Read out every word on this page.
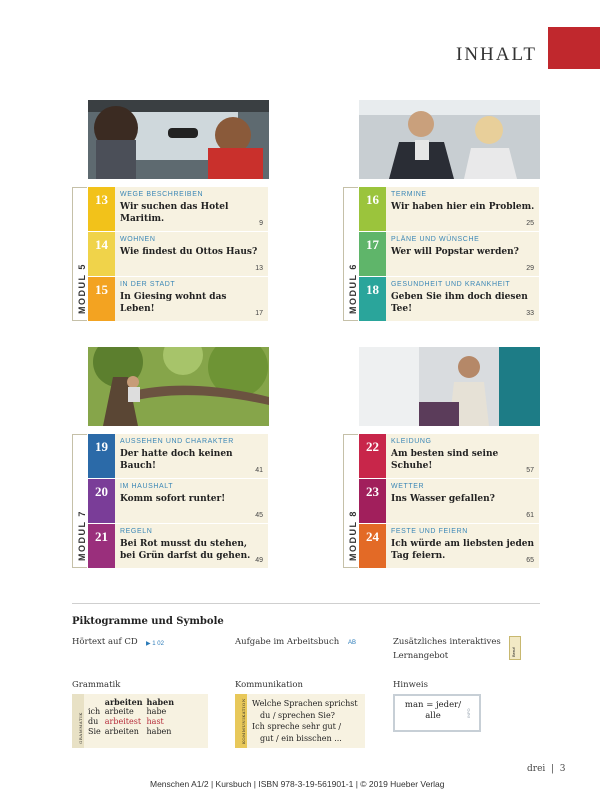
INHALT
MODUL 5
13	WEGE BESCHREIBEN
Wir suchen das Hotel Maritim.	9
14	WOHNEN
Wie findest du Ottos Haus?
13
15	IN DER STADT
In Giesing wohnt das Leben!	17	MODUL 6
16	TERMINE
Wir haben hier ein Problem.
25
17	PLÄNE UND WÜNSCHE
Wer will Popstar werden?
29
18	GESUNDHEIT UND KRANKHEIT
Geben Sie ihm doch diesen Tee!	33
MODUL 7
19	AUSSEHEN UND CHARAKTER
Der hatte doch keinen Bauch!	41
20	IM HAUSHALT
Komm sofort runter!
45
21	REGELN
Bei Rot musst du stehen, bei Grün darfst du gehen. 49	MODUL 8
22	KLEIDUNG
Am besten sind seine Schuhe!	57
23	WETTER
Ins Wasser gefallen?
61
24	FESTE UND FEIERN
Ich würde am liebsten jeden Tag feiern.	65
Piktogramme und Symbole
Hörtext auf CD ▶ 1 02	Aufgabe im Arbeitsbuch AB	Zusätzliches interaktives
Lernangebot	Beruf
Grammatik	Kommunikation	Hinweis
GRAMMATIK
	arbeiten	haben
ich	arbeite	habe
du	arbeitest	hast
Sie	arbeiten	haben	KOMMUNIKATION Welche Sprachen sprichst
du / sprechen Sie?
Ich spreche sehr gut /
gut / ein bisschen ...
man = jeder/
alle	INFO
drei | 3
Menschen A1/2 | Kursbuch | ISBN 978-3-19-561901-1 | © 2019 Hueber Verlag
